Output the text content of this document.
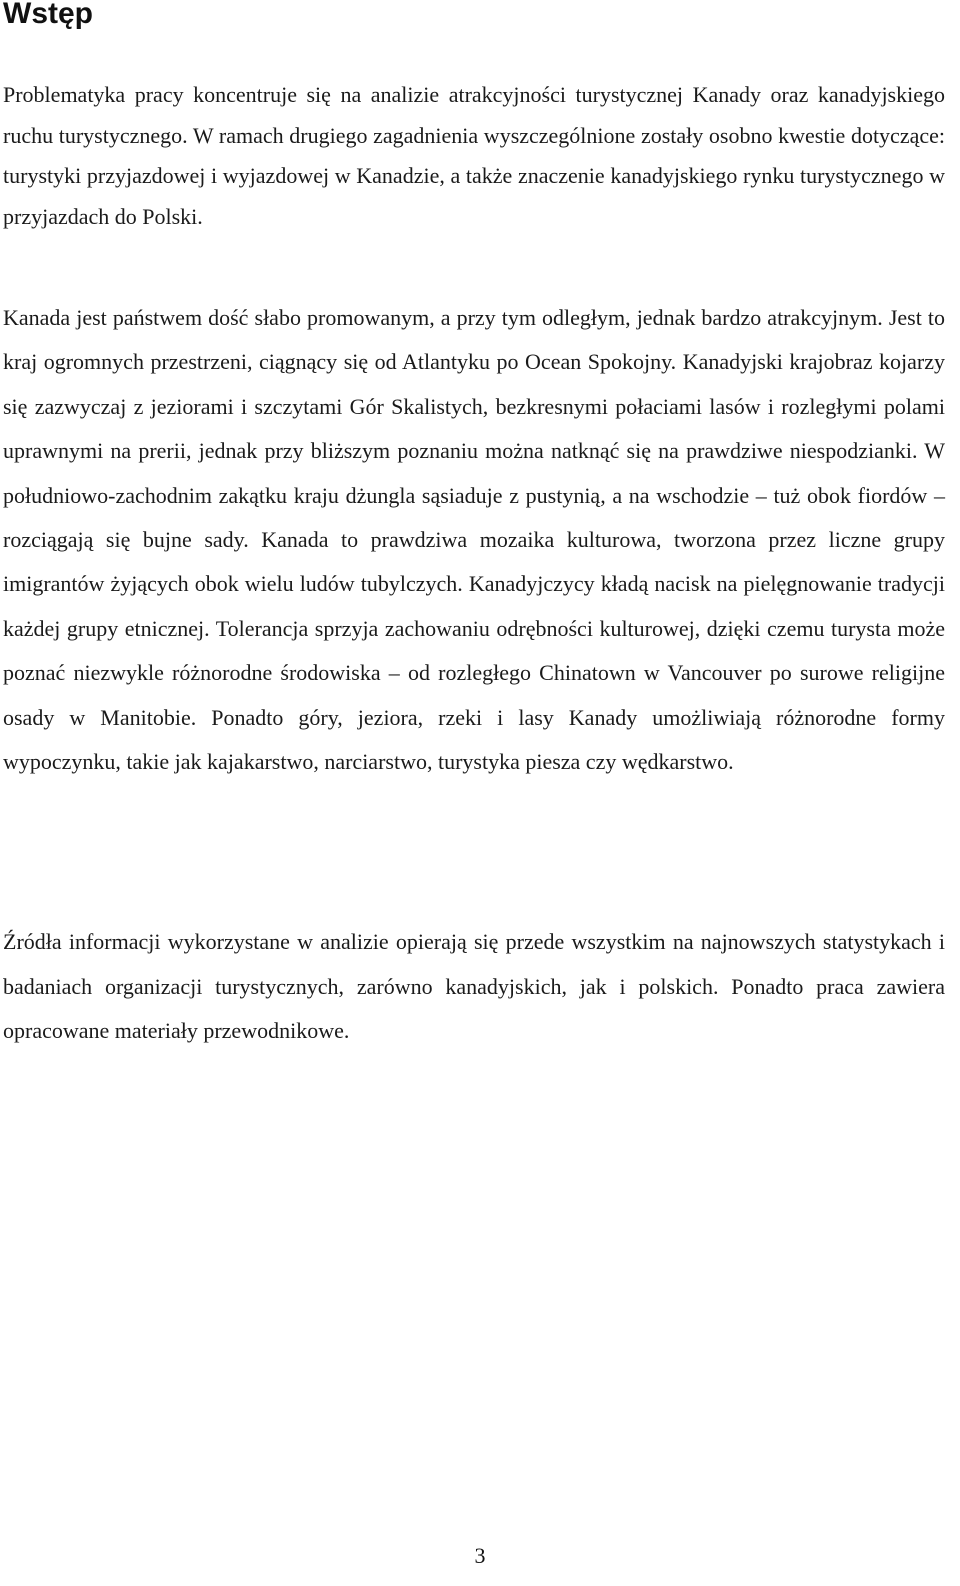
Wstęp

Problematyka pracy koncentruje się na analizie atrakcyjności turystycznej Kanady oraz kanadyjskiego ruchu turystycznego. W ramach drugiego zagadnienia wyszczególnione zostały osobno kwestie dotyczące: turystyki przyjazdowej i wyjazdowej w Kanadzie, a także znaczenie kanadyjskiego rynku turystycznego w przyjazdach do Polski.

Kanada jest państwem dość słabo promowanym, a przy tym odległym, jednak bardzo atrakcyjnym. Jest to kraj ogromnych przestrzeni, ciągnący się od Atlantyku po Ocean Spokojny. Kanadyjski krajobraz kojarzy się zazwyczaj z jeziorami i szczytami Gór Skalistych, bezkresnymi połaciami lasów i rozległymi polami uprawnymi na prerii, jednak przy bliższym poznaniu można natknąć się na prawdziwe niespodzianki. W południowo-zachodnim zakątku kraju dżungla sąsiaduje z pustynią, a na wschodzie – tuż obok fiordów – rozciągają się bujne sady. Kanada to prawdziwa mozaika kulturowa, tworzona przez liczne grupy imigrantów żyjących obok wielu ludów tubylczych. Kanadyjczycy kładą nacisk na pielęgnowanie tradycji każdej grupy etnicznej. Tolerancja sprzyja zachowaniu odrębności kulturowej, dzięki czemu turysta może poznać niezwykle różnorodne środowiska – od rozległego Chinatown w Vancouver po surowe religijne osady w Manitobie. Ponadto góry, jeziora, rzeki i lasy Kanady umożliwiają różnorodne formy wypoczynku, takie jak kajakarstwo, narciarstwo, turystyka piesza czy wędkarstwo.

Źródła informacji wykorzystane w analizie opierają się przede wszystkim na najnowszych statystykach i badaniach organizacji turystycznych, zarówno kanadyjskich, jak i polskich. Ponadto praca zawiera opracowane materiały przewodnikowe.

3
